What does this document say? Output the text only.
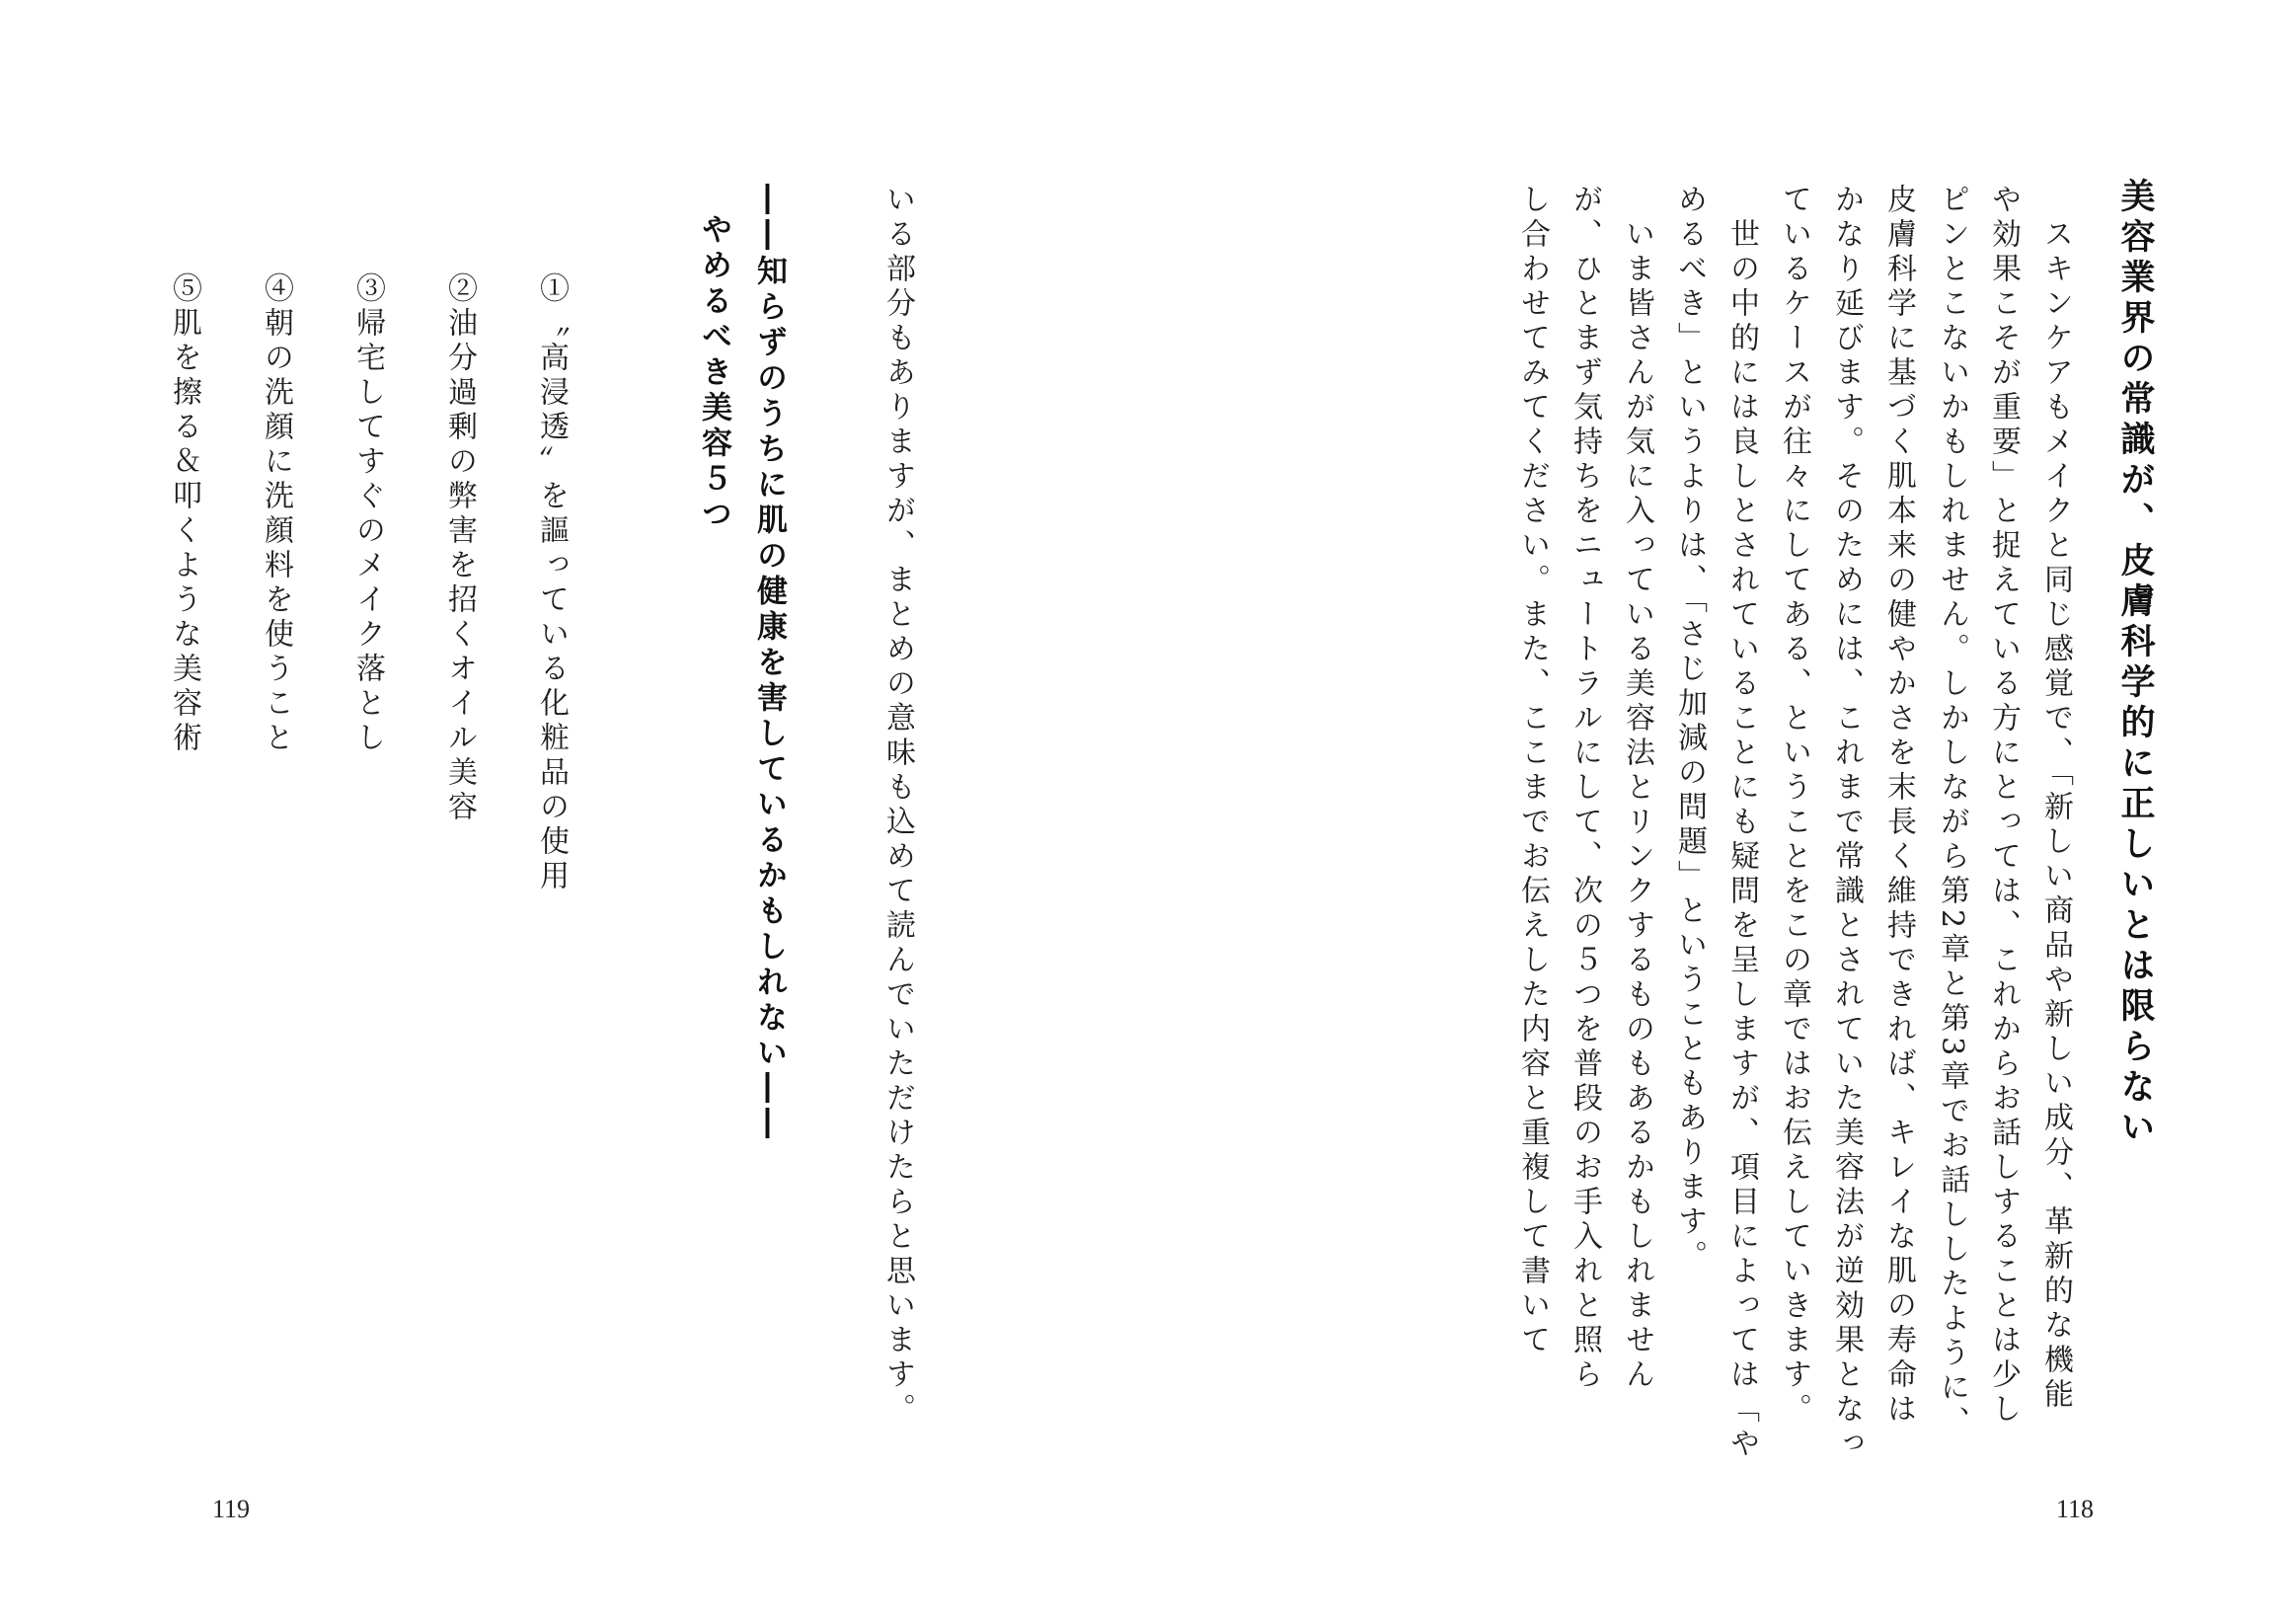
美容業界の常識が、皮膚科学的に正しいとは限らない
　スキンケアもメイクと同じ感覚で、「新しい商品や新しい成分、革新的な機能
や効果こそが重要」と捉えている方にとっては、これからお話しすることは少し
ピンとこないかもしれません。しかしながら第2章と第3章でお話ししたように、
皮膚科学に基づく肌本来の健やかさを末長く維持できれば、キレイな肌の寿命は
かなり延びます。そのためには、これまで常識とされていた美容法が逆効果となっ
ているケースが往々にしてある、ということをこの章ではお伝えしていきます。
　世の中的には良しとされていることにも疑問を呈しますが、項目によっては「や
めるべき」というよりは、「さじ加減の問題」ということもあります。
　いま皆さんが気に入っている美容法とリンクするものもあるかもしれません
が、ひとまず気持ちをニュートラルにして、次の５つを普段のお手入れと照ら
し合わせてみてください。また、ここまでお伝えした内容と重複して書いて
118
いる部分もありますが、まとめの意味も込めて読んでいただけたらと思います。
――知らずのうちに肌の健康を害しているかもしれない――
やめるべき美容５つ
①〝高浸透〟を謳っている化粧品の使用
②油分過剰の弊害を招くオイル美容
③帰宅してすぐのメイク落とし
④朝の洗顔に洗顔料を使うこと
⑤肌を擦る＆叩くような美容術
119
